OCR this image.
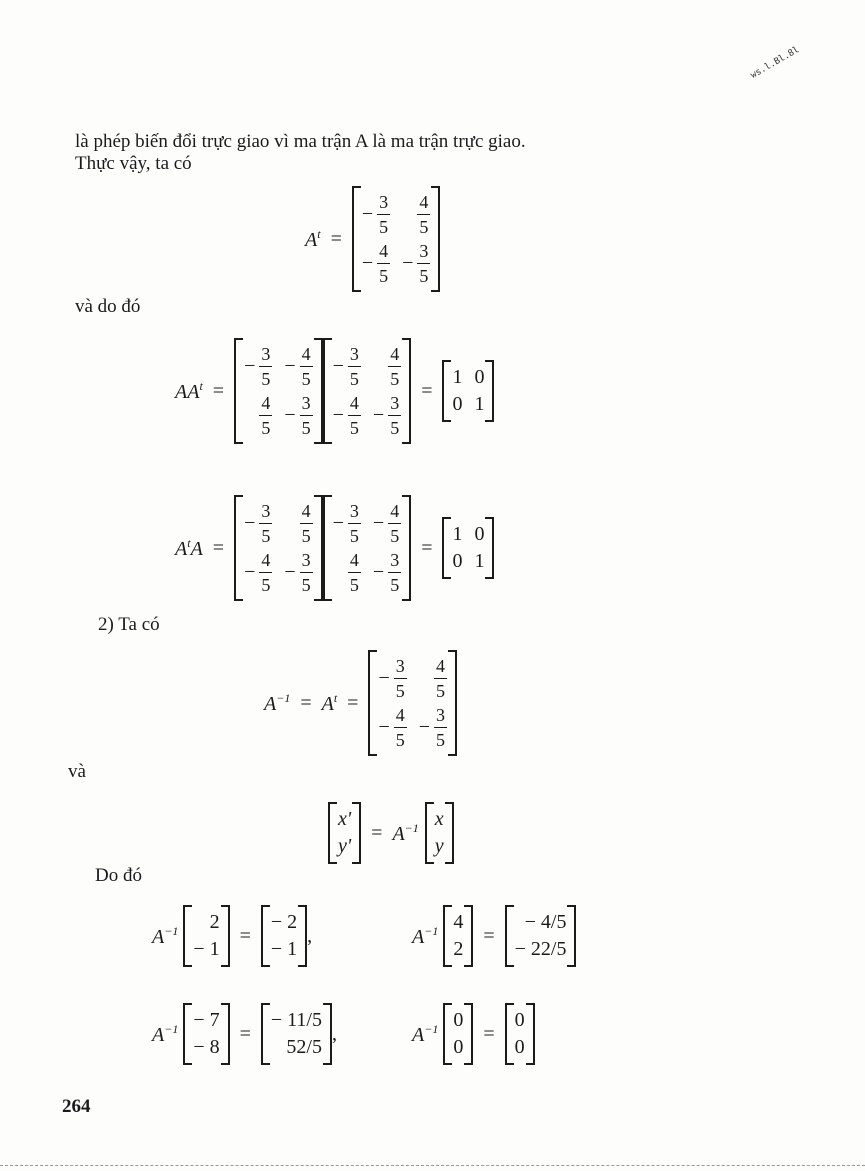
ws.l.Bl.8l
là phép biến đổi trực giao vì ma trận A là ma trận trực giao.
Thực vậy, ta có
$A^t$ =
− $\frac{3}{5} \frac{4}{5}$
− $\frac{4}{5} - \frac{3}{5}$
và do đó
$AA^t$ =
− $\frac{3}{5} - \frac{4}{5}$
$\frac{4}{5} - \frac{3}{5}$
− $\frac{3}{5} \frac{4}{5}$
− $\frac{4}{5} - \frac{3}{5}$
=
1 0
0 1
$A^tA$ =
− $\frac{3}{5} \frac{4}{5}$
− $\frac{4}{5} - \frac{3}{5}$
− $\frac{3}{5} - \frac{4}{5}$
$\frac{4}{5} - \frac{3}{5}$
=
1 0
0 1
2) Ta có
$A^{-1} = A^t$ =
− $\frac{3}{5} \frac{4}{5}$
− $\frac{4}{5} - \frac{3}{5}$
và
x'
y'
= $A^{-1}$ x
y
Do đó
$A^{-1}$	2
− 1
=
− 2
− 1
,	$A^{-1}$ 4
2
=
− 4/5
− 22/5
$A^{-1} - 7$
− 8
=
− 11/5
52/5
,	$A^{-1}$ 0
0
=
0
0
264
